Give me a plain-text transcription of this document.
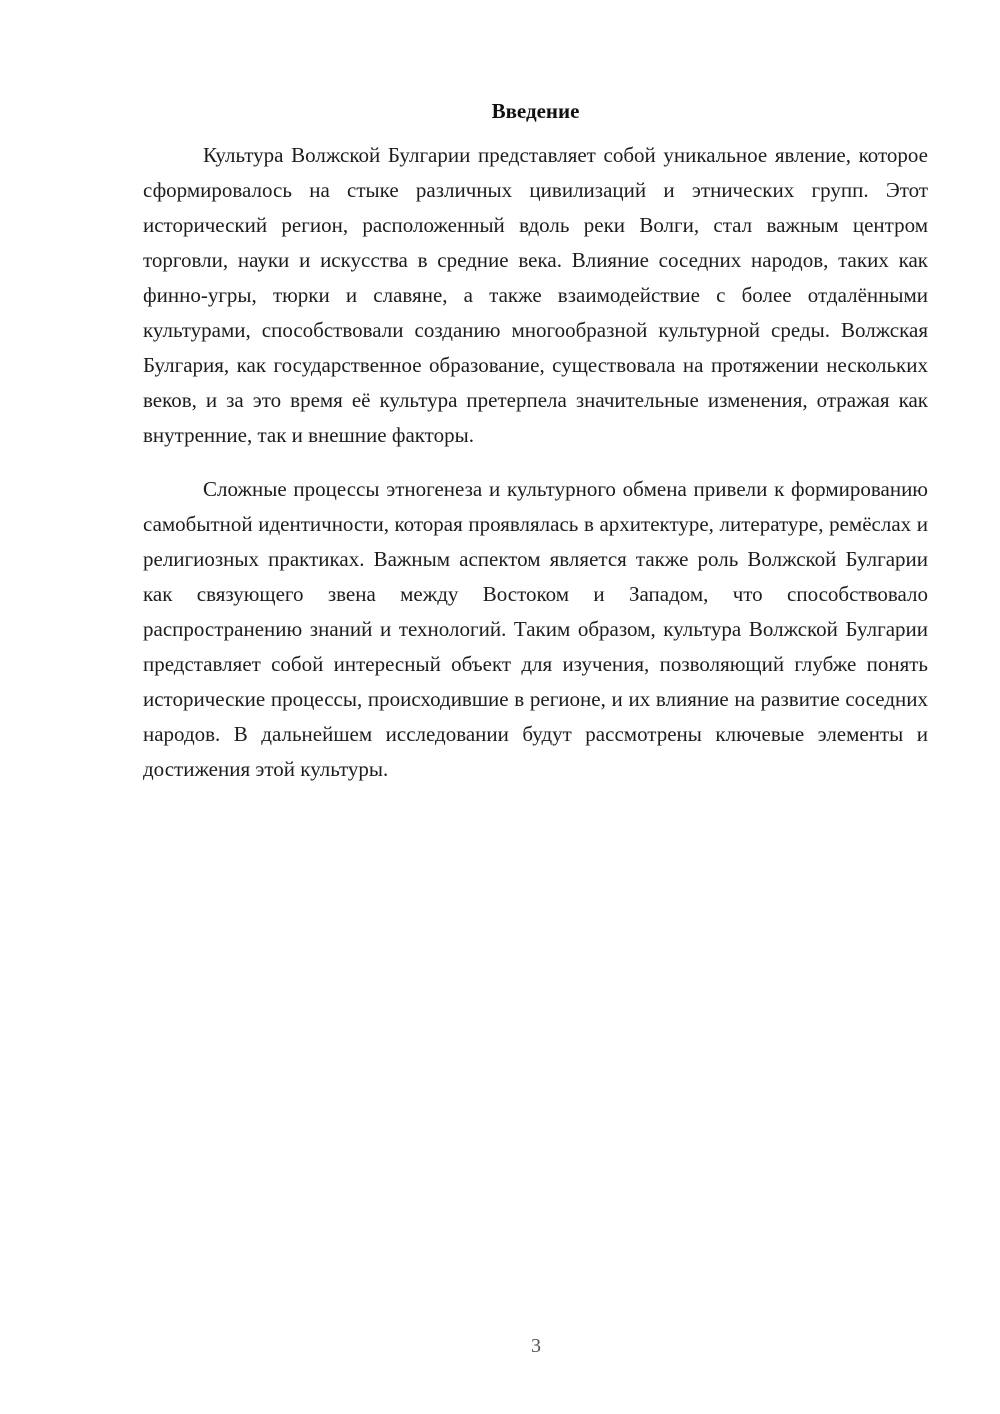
Введение

Культура Волжской Булгарии представляет собой уникальное явление, которое сформировалось на стыке различных цивилизаций и этнических групп. Этот исторический регион, расположенный вдоль реки Волги, стал важным центром торговли, науки и искусства в средние века. Влияние соседних народов, таких как финно-угры, тюрки и славяне, а также взаимодействие с более отдалёнными культурами, способствовали созданию многообразной культурной среды. Волжская Булгария, как государственное образование, существовала на протяжении нескольких веков, и за это время её культура претерпела значительные изменения, отражая как внутренние, так и внешние факторы.

Сложные процессы этногенеза и культурного обмена привели к формированию самобытной идентичности, которая проявлялась в архитектуре, литературе, ремёслах и религиозных практиках. Важным аспектом является также роль Волжской Булгарии как связующего звена между Востоком и Западом, что способствовало распространению знаний и технологий. Таким образом, культура Волжской Булгарии представляет собой интересный объект для изучения, позволяющий глубже понять исторические процессы, происходившие в регионе, и их влияние на развитие соседних народов. В дальнейшем исследовании будут рассмотрены ключевые элементы и достижения этой культуры.

3
